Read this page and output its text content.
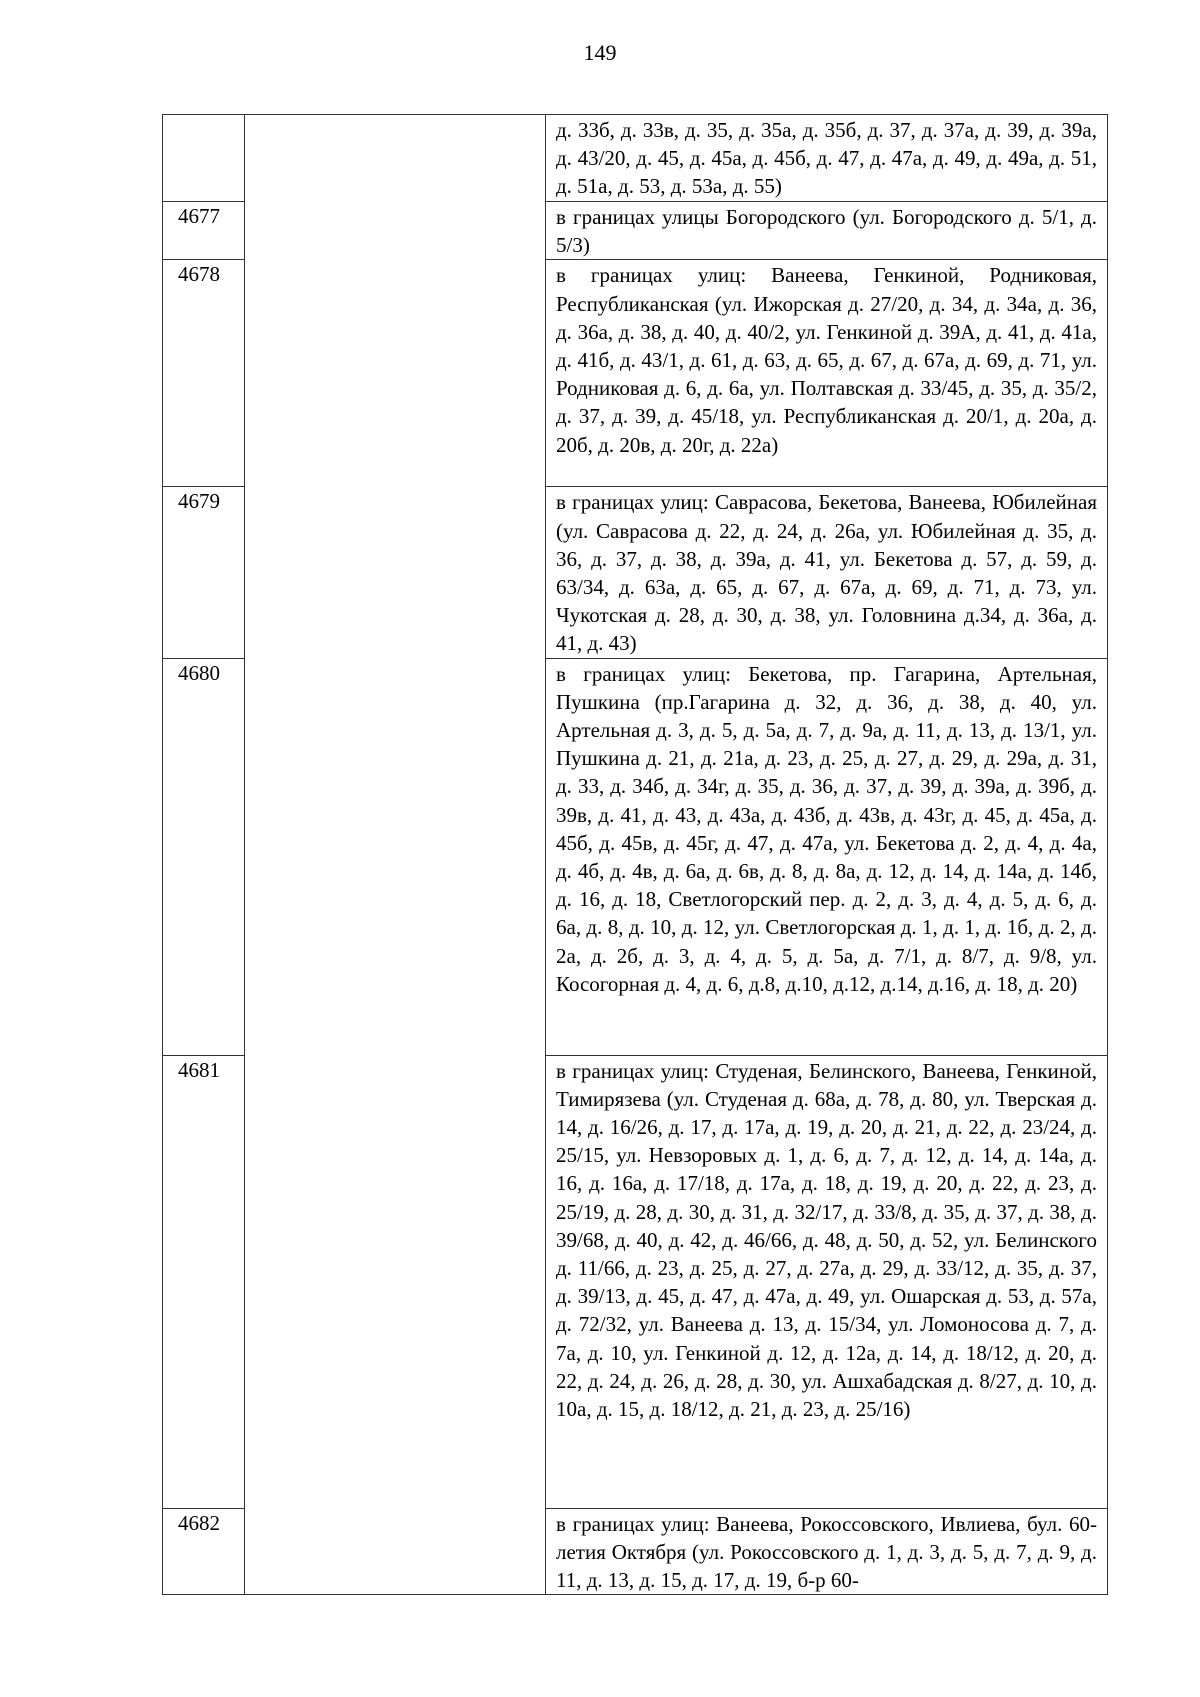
149
		д. 33б, д. 33в, д. 35, д. 35а, д. 35б, д. 37, д. 37а, д. 39, д. 39а, д. 43/20, д. 45, д. 45а, д. 45б, д. 47, д. 47а, д. 49, д. 49а, д. 51, д. 51а, д. 53, д. 53а, д. 55)
4677		в границах улицы Богородского (ул. Богородского д. 5/1, д. 5/3)
4678		в границах улиц: Ванеева, Генкиной, Родниковая, Республиканская (ул. Ижорская д. 27/20, д. 34, д. 34а, д. 36, д. 36а, д. 38, д. 40, д. 40/2, ул. Генкиной д. 39А, д. 41, д. 41а, д. 41б, д. 43/1, д. 61, д. 63, д. 65, д. 67, д. 67а, д. 69, д. 71, ул. Родниковая д. 6, д. 6а, ул. Полтавская д. 33/45, д. 35, д. 35/2, д. 37, д. 39, д. 45/18, ул. Республиканская д. 20/1, д. 20а, д. 20б, д. 20в, д. 20г, д. 22а)
4679		в границах улиц: Саврасова, Бекетова, Ванеева, Юбилейная (ул. Саврасова д. 22, д. 24, д. 26а, ул. Юбилейная д. 35, д. 36, д. 37, д. 38, д. 39а, д. 41, ул. Бекетова д. 57, д. 59, д. 63/34, д. 63а, д. 65, д. 67, д. 67а, д. 69, д. 71, д. 73, ул. Чукотская д. 28, д. 30, д. 38, ул. Головнина д.34, д. 36а, д. 41, д. 43)
4680		в границах улиц: Бекетова, пр. Гагарина, Артельная, Пушкина (пр.Гагарина д. 32, д. 36, д. 38, д. 40, ул. Артельная д. 3, д. 5, д. 5а, д. 7, д. 9а, д. 11, д. 13, д. 13/1, ул. Пушкина д. 21, д. 21а, д. 23, д. 25, д. 27, д. 29, д. 29а, д. 31, д. 33, д. 34б, д. 34г, д. 35, д. 36, д. 37, д. 39, д. 39а, д. 39б, д. 39в, д. 41, д. 43, д. 43а, д. 43б, д. 43в, д. 43г, д. 45, д. 45а, д. 45б, д. 45в, д. 45г, д. 47, д. 47а, ул. Бекетова д. 2, д. 4, д. 4а, д. 4б, д. 4в, д. 6а, д. 6в, д. 8, д. 8а, д. 12, д. 14, д. 14а, д. 14б, д. 16, д. 18, Светлогорский пер. д. 2, д. 3, д. 4, д. 5, д. 6, д. 6а, д. 8, д. 10, д. 12, ул. Светлогорская д. 1, д. 1, д. 1б, д. 2, д. 2а, д. 2б, д. 3, д. 4, д. 5, д. 5а, д. 7/1, д. 8/7, д. 9/8, ул. Косогорная д. 4, д. 6, д.8, д.10, д.12, д.14, д.16, д. 18, д. 20)
4681		в границах улиц: Студеная, Белинского, Ванеева, Генкиной, Тимирязева (ул. Студеная д. 68а, д. 78, д. 80, ул. Тверская д. 14, д. 16/26, д. 17, д. 17а, д. 19, д. 20, д. 21, д. 22, д. 23/24, д. 25/15, ул. Невзоровых д. 1, д. 6, д. 7, д. 12, д. 14, д. 14а, д. 16, д. 16а, д. 17/18, д. 17а, д. 18, д. 19, д. 20, д. 22, д. 23, д. 25/19, д. 28, д. 30, д. 31, д. 32/17, д. 33/8, д. 35, д. 37, д. 38, д. 39/68, д. 40, д. 42, д. 46/66, д. 48, д. 50, д. 52, ул. Белинского д. 11/66, д. 23, д. 25, д. 27, д. 27а, д. 29, д. 33/12, д. 35, д. 37, д. 39/13, д. 45, д. 47, д. 47а, д. 49, ул. Ошарская д. 53, д. 57а, д. 72/32, ул. Ванеева д. 13, д. 15/34, ул. Ломоносова д. 7, д. 7а, д. 10, ул. Генкиной д. 12, д. 12а, д. 14, д. 18/12, д. 20, д. 22, д. 24, д. 26, д. 28, д. 30, ул. Ашхабадская д. 8/27, д. 10, д. 10а, д. 15, д. 18/12, д. 21, д. 23, д. 25/16)
4682		в границах улиц: Ванеева, Рокоссовского, Ивлиева, бул. 60-летия Октября (ул. Рокоссовского д. 1, д. 3, д. 5, д. 7, д. 9, д. 11, д. 13, д. 15, д. 17, д. 19, б-р 60-
